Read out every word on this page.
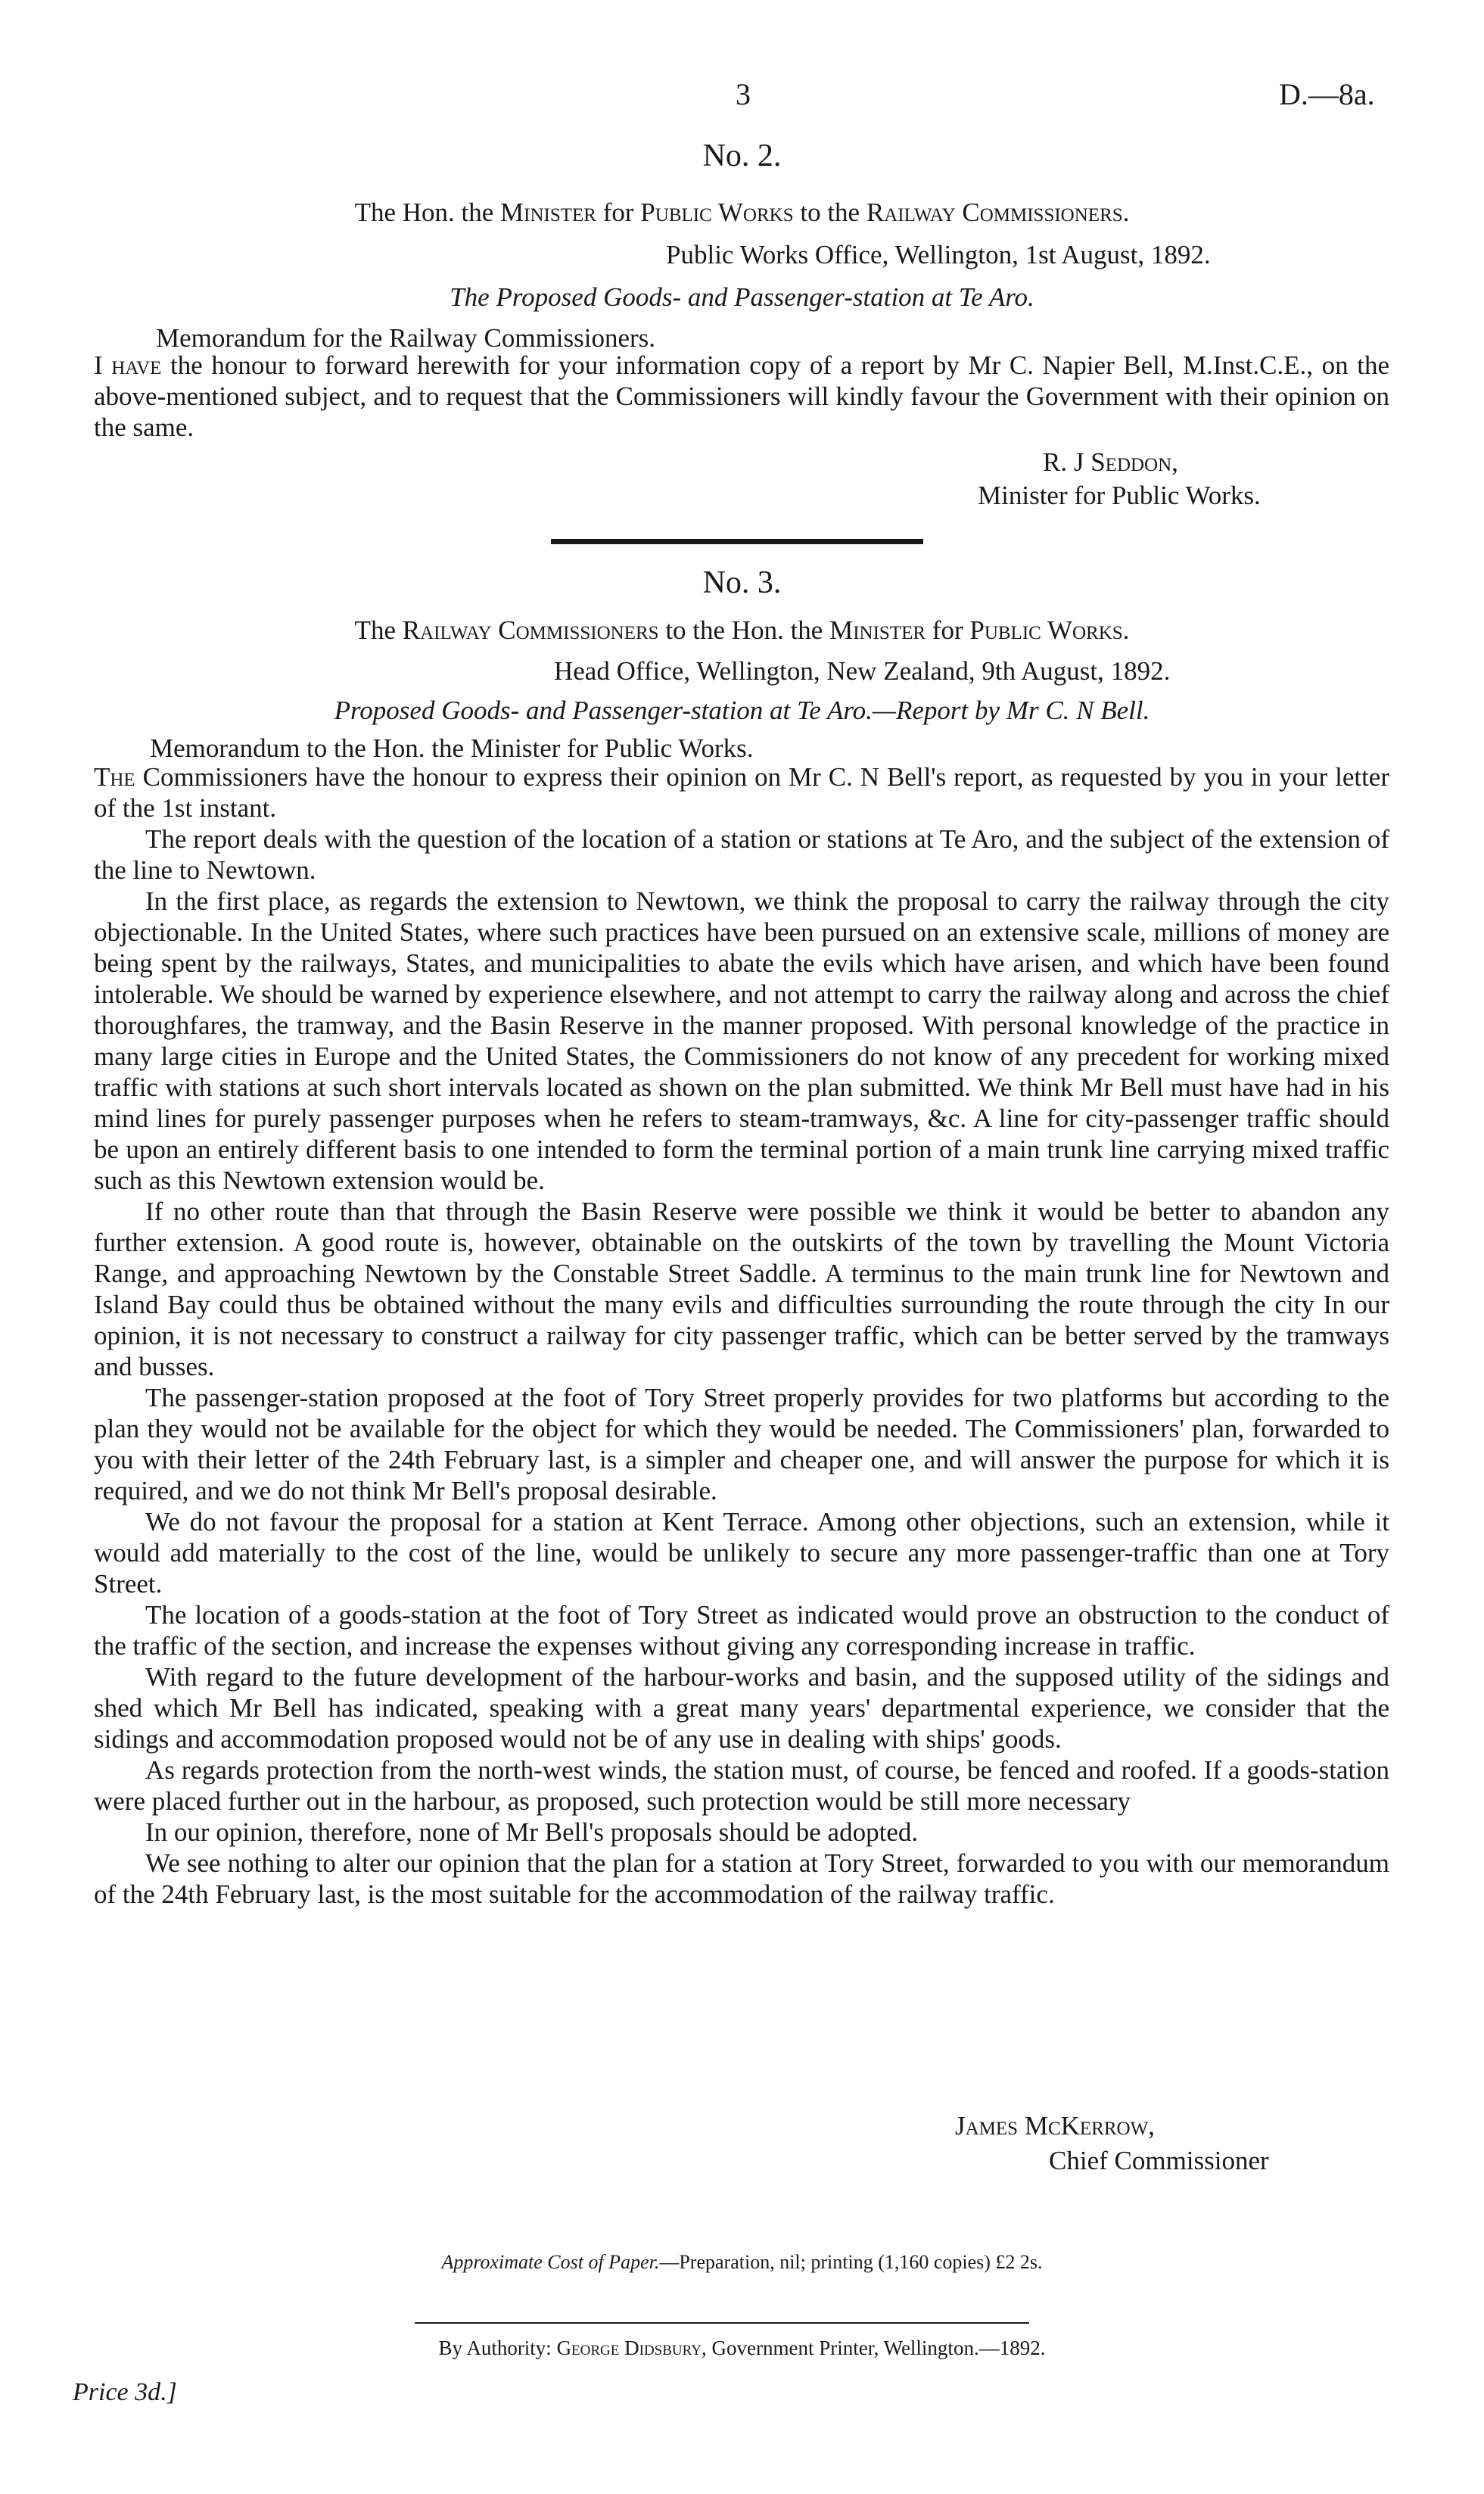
3	D.—8a.
No. 2.
The Hon. the Minister for Public Works to the Railway Commissioners.
Public Works Office, Wellington, 1st August, 1892.
The Proposed Goods- and Passenger-station at Te Aro.
Memorandum for the Railway Commissioners.

I have the honour to forward herewith for your information copy of a report by Mr C. Napier Bell, M.Inst.C.E., on the above-mentioned subject, and to request that the Commissioners will kindly favour the Government with their opinion on the same.

R. J Seddon,
Minister for Public Works.
No. 3.
The Railway Commissioners to the Hon. the Minister for Public Works.
Head Office, Wellington, New Zealand, 9th August, 1892.
Proposed Goods- and Passenger-station at Te Aro.—Report by Mr C. N Bell.
Memorandum to the Hon. the Minister for Public Works.

The Commissioners have the honour to express their opinion on Mr C. N Bell's report, as requested by you in your letter of the 1st instant.

The report deals with the question of the location of a station or stations at Te Aro, and the subject of the extension of the line to Newtown.

In the first place, as regards the extension to Newtown, we think the proposal to carry the railway through the city objectionable. In the United States, where such practices have been pursued on an extensive scale, millions of money are being spent by the railways, States, and municipalities to abate the evils which have arisen, and which have been found intolerable. We should be warned by experience elsewhere, and not attempt to carry the railway along and across the chief thoroughfares, the tramway, and the Basin Reserve in the manner proposed. With personal knowledge of the practice in many large cities in Europe and the United States, the Commissioners do not know of any precedent for working mixed traffic with stations at such short intervals located as shown on the plan submitted. We think Mr Bell must have had in his mind lines for purely passenger purposes when he refers to steam-tramways, &c. A line for city-passenger traffic should be upon an entirely different basis to one intended to form the terminal portion of a main trunk line carrying mixed traffic such as this Newtown extension would be.

If no other route than that through the Basin Reserve were possible we think it would be better to abandon any further extension. A good route is, however, obtainable on the outskirts of the town by travelling the Mount Victoria Range, and approaching Newtown by the Constable Street Saddle. A terminus to the main trunk line for Newtown and Island Bay could thus be obtained without the many evils and difficulties surrounding the route through the city In our opinion, it is not necessary to construct a railway for city passenger traffic, which can be better served by the tramways and busses.

The passenger-station proposed at the foot of Tory Street properly provides for two platforms but according to the plan they would not be available for the object for which they would be needed. The Commissioners' plan, forwarded to you with their letter of the 24th February last, is a simpler and cheaper one, and will answer the purpose for which it is required, and we do not think Mr Bell's proposal desirable.

We do not favour the proposal for a station at Kent Terrace. Among other objections, such an extension, while it would add materially to the cost of the line, would be unlikely to secure any more passenger-traffic than one at Tory Street.

The location of a goods-station at the foot of Tory Street as indicated would prove an obstruction to the conduct of the traffic of the section, and increase the expenses without giving any corresponding increase in traffic.

With regard to the future development of the harbour-works and basin, and the supposed utility of the sidings and shed which Mr Bell has indicated, speaking with a great many years' departmental experience, we consider that the sidings and accommodation proposed would not be of any use in dealing with ships' goods.

As regards protection from the north-west winds, the station must, of course, be fenced and roofed. If a goods-station were placed further out in the harbour, as proposed, such protection would be still more necessary

In our opinion, therefore, none of Mr Bell's proposals should be adopted.

We see nothing to alter our opinion that the plan for a station at Tory Street, forwarded to you with our memorandum of the 24th February last, is the most suitable for the accommodation of the railway traffic.

James McKerrow,
Chief Commissioner
Approximate Cost of Paper.—Preparation, nil; printing (1,160 copies) £2 2s.
By Authority: George Didsbury, Government Printer, Wellington.—1892.
Price 3d.]
